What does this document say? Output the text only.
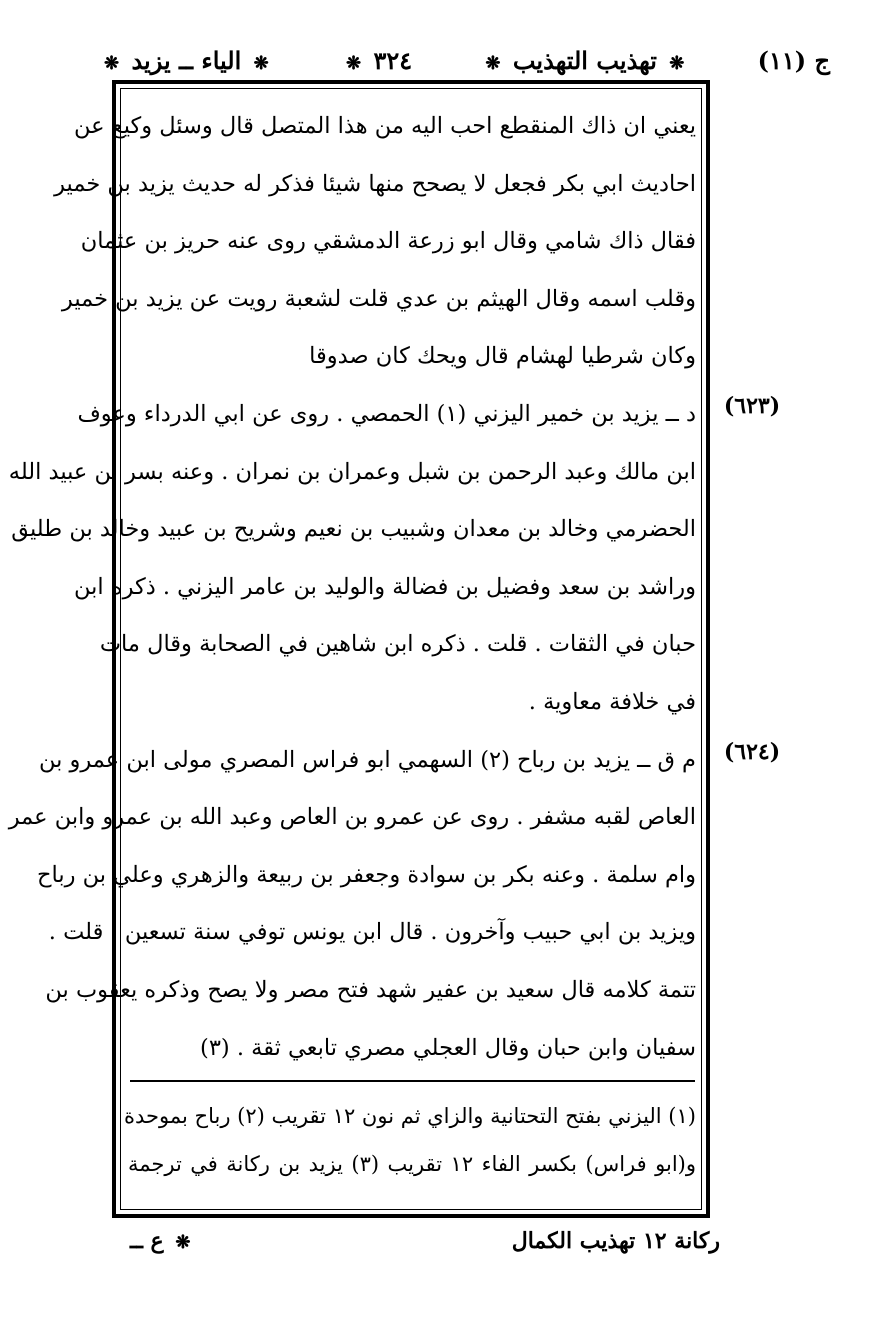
ج (١١)
❋ تهذيب التهذيب ❋
٣٢٤ ❋
❋ الياء ــ يزيد ❋
يعني ان ذاك المنقطع احب اليه من هذا المتصل قال وسئل وكيع عن
احاديث ابي بكر فجعل لا يصحح منها شيئا فذكر له حديث يزيد بن خمير
فقال ذاك شامي وقال ابو زرعة الدمشقي روى عنه حريز بن عثمان
وقلب اسمه وقال الهيثم بن عدي قلت لشعبة رويت عن يزيد بن خمير
وكان شرطيا لهشام قال ويحك كان صدوقا
د ــ يزيد بن خمير اليزني (١) الحمصي . روى عن ابي الدرداء وعوف
ابن مالك وعبد الرحمن بن شبل وعمران بن نمران . وعنه بسر بن عبيد الله
الحضرمي وخالد بن معدان وشبيب بن نعيم وشريح بن عبيد وخالد بن طليق
وراشد بن سعد وفضيل بن فضالة والوليد بن عامر اليزني . ذكره ابن
حبان في الثقات . قلت . ذكره ابن شاهين في الصحابة وقال مات
في خلافة معاوية .
م ق ــ يزيد بن رباح (٢) السهمي ابو فراس المصري مولى ابن عمرو بن
العاص لقبه مشفر . روى عن عمرو بن العاص وعبد الله بن عمرو وابن عمر
وام سلمة . وعنه بكر بن سوادة وجعفر بن ربيعة والزهري وعلي بن رباح
ويزيد بن ابي حبيب وآخرون . قال ابن يونس توفي سنة تسعين . قلت .
تتمة كلامه قال سعيد بن عفير شهد فتح مصر ولا يصح وذكره يعقوب بن
سفيان وابن حبان وقال العجلي مصري تابعي ثقة . (٣)
(٦٢٣)
(٦٢٤)
(١) اليزني بفتح التحتانية والزاي ثم نون ١٢ تقريب (٢) رباح بموحدة
و(ابو فراس) بكسر الفاء ١٢ تقريب (٣) يزيد بن ركانة في ترجمة
ركانة ١٢ تهذيب الكمال
❋ ع ــ
